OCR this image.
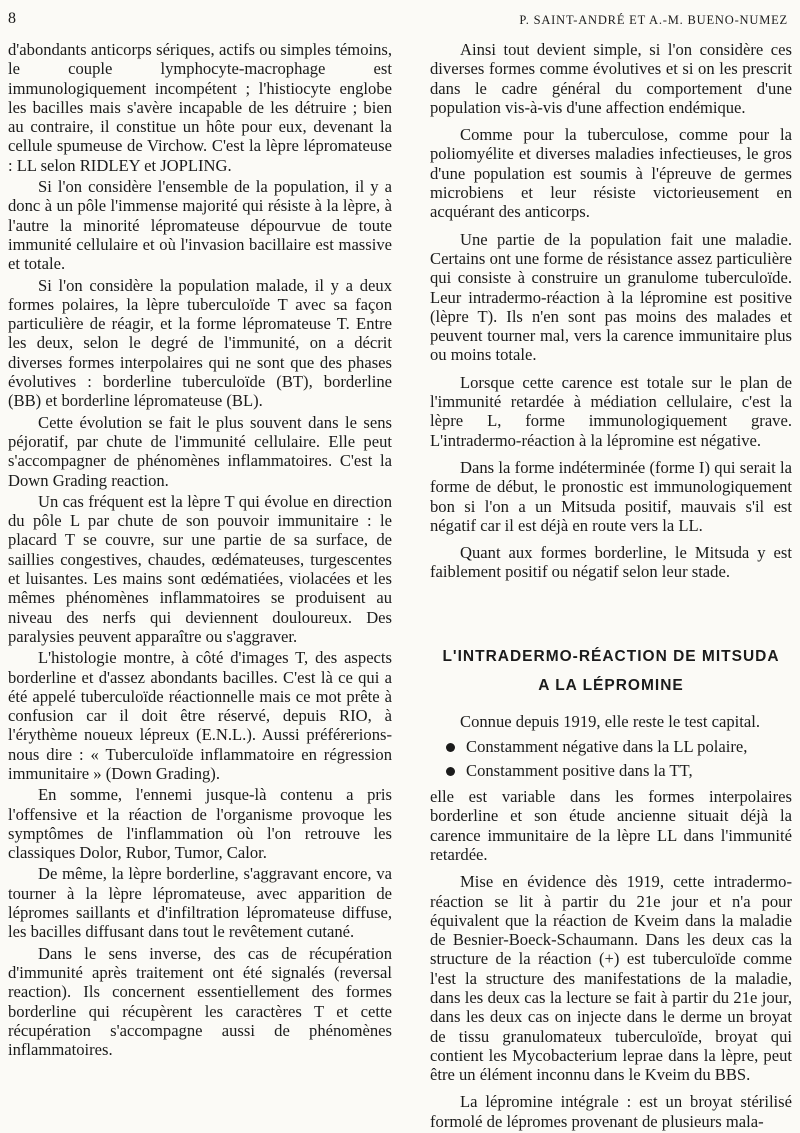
8	P. SAINT-ANDRÉ ET A.-M. BUENO-NUMEZ

d'abondants anticorps sériques, actifs ou simples témoins, le couple lymphocyte-macrophage est immunologiquement incompétent ; l'histiocyte englobe les bacilles mais s'avère incapable de les détruire ; bien au contraire, il constitue un hôte pour eux, devenant la cellule spumeuse de Virchow. C'est la lèpre lépromateuse : LL selon RIDLEY et JOPLING.

Si l'on considère l'ensemble de la population, il y a donc à un pôle l'immense majorité qui résiste à la lèpre, à l'autre la minorité lépromateuse dépourvue de toute immunité cellulaire et où l'invasion bacillaire est massive et totale.

Si l'on considère la population malade, il y a deux formes polaires, la lèpre tuberculoïde T avec sa façon particulière de réagir, et la forme lépromateuse T. Entre les deux, selon le degré de l'immunité, on a décrit diverses formes interpolaires qui ne sont que des phases évolutives : borderline tuberculoïde (BT), borderline (BB) et borderline lépromateuse (BL).

Cette évolution se fait le plus souvent dans le sens péjoratif, par chute de l'immunité cellulaire. Elle peut s'accompagner de phénomènes inflammatoires. C'est la Down Grading reaction.

Un cas fréquent est la lèpre T qui évolue en direction du pôle L par chute de son pouvoir immunitaire : le placard T se couvre, sur une partie de sa surface, de saillies congestives, chaudes, œdémateuses, turgescentes et luisantes. Les mains sont œdématiées, violacées et les mêmes phénomènes inflammatoires se produisent au niveau des nerfs qui deviennent douloureux. Des paralysies peuvent apparaître ou s'aggraver.

L'histologie montre, à côté d'images T, des aspects borderline et d'assez abondants bacilles. C'est là ce qui a été appelé tuberculoïde réactionnelle mais ce mot prête à confusion car il doit être réservé, depuis RIO, à l'érythème noueux lépreux (E.N.L.). Aussi préférerions-nous dire : « Tuberculoïde inflammatoire en régression immunitaire » (Down Grading).

En somme, l'ennemi jusque-là contenu a pris l'offensive et la réaction de l'organisme provoque les symptômes de l'inflammation où l'on retrouve les classiques Dolor, Rubor, Tumor, Calor.

De même, la lèpre borderline, s'aggravant encore, va tourner à la lèpre lépromateuse, avec apparition de lépromes saillants et d'infiltration lépromateuse diffuse, les bacilles diffusant dans tout le revêtement cutané.

Dans le sens inverse, des cas de récupération d'immunité après traitement ont été signalés (reversal reaction). Ils concernent essentiellement des formes borderline qui récupèrent les caractères T et cette récupération s'accompagne aussi de phénomènes inflammatoires.

Ainsi tout devient simple, si l'on considère ces diverses formes comme évolutives et si on les prescrit dans le cadre général du comportement d'une population vis-à-vis d'une affection endémique.

Comme pour la tuberculose, comme pour la poliomyélite et diverses maladies infectieuses, le gros d'une population est soumis à l'épreuve de germes microbiens et leur résiste victorieusement en acquérant des anticorps.

Une partie de la population fait une maladie. Certains ont une forme de résistance assez particulière qui consiste à construire un granulome tuberculoïde. Leur intradermo-réaction à la lépromine est positive (lèpre T). Ils n'en sont pas moins des malades et peuvent tourner mal, vers la carence immunitaire plus ou moins totale.

Lorsque cette carence est totale sur le plan de l'immunité retardée à médiation cellulaire, c'est la lèpre L, forme immunologiquement grave. L'intradermo-réaction à la lépromine est négative.

Dans la forme indéterminée (forme I) qui serait la forme de début, le pronostic est immunologiquement bon si l'on a un Mitsuda positif, mauvais s'il est négatif car il est déjà en route vers la LL.

Quant aux formes borderline, le Mitsuda y est faiblement positif ou négatif selon leur stade.

L'INTRADERMO-RÉACTION DE MITSUDA
A LA LÉPROMINE

Connue depuis 1919, elle reste le test capital.

Constamment négative dans la LL polaire,
Constamment positive dans la TT,

elle est variable dans les formes interpolaires borderline et son étude ancienne situait déjà la carence immunitaire de la lèpre LL dans l'immunité retardée.

Mise en évidence dès 1919, cette intradermo-réaction se lit à partir du 21e jour et n'a pour équivalent que la réaction de Kveim dans la maladie de Besnier-Boeck-Schaumann. Dans les deux cas la structure de la réaction (+) est tuberculoïde comme l'est la structure des manifestations de la maladie, dans les deux cas la lecture se fait à partir du 21e jour, dans les deux cas on injecte dans le derme un broyat de tissu granulomateux tuberculoïde, broyat qui contient les Mycobacterium leprae dans la lèpre, peut être un élément inconnu dans le Kveim du BBS.

La lépromine intégrale : est un broyat stérilisé formolé de lépromes provenant de plusieurs mala-
